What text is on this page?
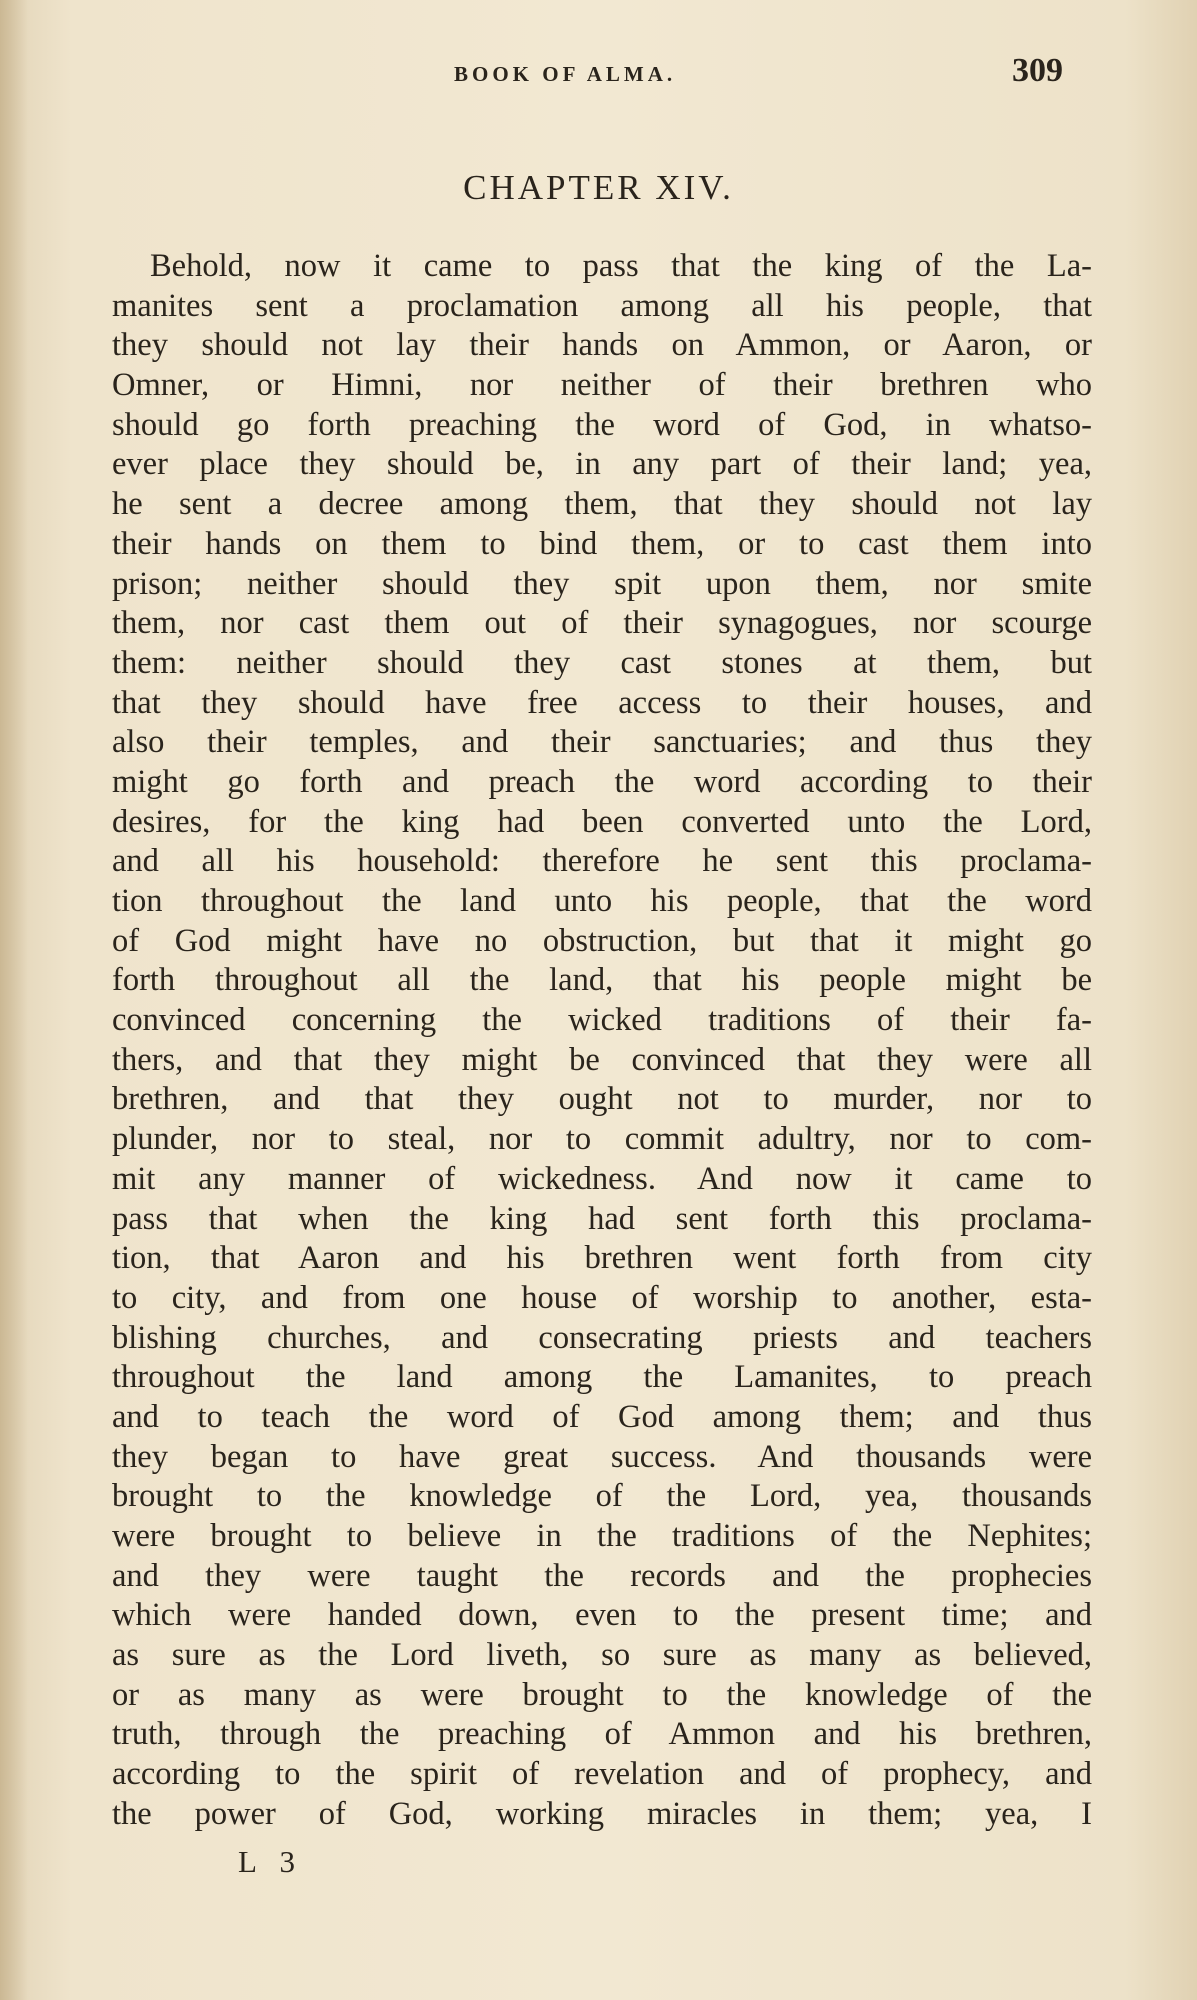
BOOK OF ALMA.	309
CHAPTER XIV.
Behold, now it came to pass that the king of the La-
manites sent a proclamation among all his people, that
they should not lay their hands on Ammon, or Aaron, or
Omner, or Himni, nor neither of their brethren who
should go forth preaching the word of God, in whatso-
ever place they should be, in any part of their land; yea,
he sent a decree among them, that they should not lay
their hands on them to bind them, or to cast them into
prison; neither should they spit upon them, nor smite
them, nor cast them out of their synagogues, nor scourge
them: neither should they cast stones at them, but
that they should have free access to their houses, and
also their temples, and their sanctuaries; and thus they
might go forth and preach the word according to their
desires, for the king had been converted unto the Lord,
and all his household: therefore he sent this proclama-
tion throughout the land unto his people, that the word
of God might have no obstruction, but that it might go
forth throughout all the land, that his people might be
convinced concerning the wicked traditions of their fa-
thers, and that they might be convinced that they were all
brethren, and that they ought not to murder, nor to
plunder, nor to steal, nor to commit adultry, nor to com-
mit any manner of wickedness. And now it came to
pass that when the king had sent forth this proclama-
tion, that Aaron and his brethren went forth from city
to city, and from one house of worship to another, esta-
blishing churches, and consecrating priests and teachers
throughout the land among the Lamanites, to preach
and to teach the word of God among them; and thus
they began to have great success. And thousands were
brought to the knowledge of the Lord, yea, thousands
were brought to believe in the traditions of the Nephites;
and they were taught the records and the prophecies
which were handed down, even to the present time; and
as sure as the Lord liveth, so sure as many as believed,
or as many as were brought to the knowledge of the
truth, through the preaching of Ammon and his brethren,
according to the spirit of revelation and of prophecy, and
the power of God, working miracles in them; yea, I
L 3
